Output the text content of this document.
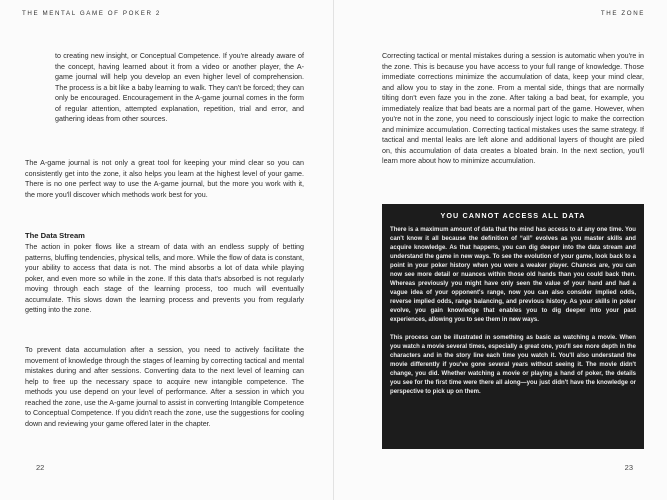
THE MENTAL GAME OF POKER 2

to creating new insight, or Conceptual Competence. If you're already aware of the concept, having learned about it from a video or another player, the A-game journal will help you develop an even higher level of comprehension. The process is a bit like a baby learning to walk. They can't be forced; they can only be encouraged. Encouragement in the A-game journal comes in the form of regular attention, attempted explanation, repetition, trial and error, and gathering ideas from other sources.

The A-game journal is not only a great tool for keeping your mind clear so you can consistently get into the zone, it also helps you learn at the highest level of your game. There is no one perfect way to use the A-game journal, but the more you work with it, the more you'll discover which methods work best for you.

The Data Stream

The action in poker flows like a stream of data with an endless supply of betting patterns, bluffing tendencies, physical tells, and more. While the flow of data is constant, your ability to access that data is not. The mind absorbs a lot of data while playing poker, and even more so while in the zone. If this data that's absorbed is not regularly moving through each stage of the learning process, too much will eventually accumulate. This slows down the learning process and prevents you from regularly getting into the zone.

To prevent data accumulation after a session, you need to actively facilitate the movement of knowledge through the stages of learning by correcting tactical and mental mistakes during and after sessions. Converting data to the next level of learning can help to free up the necessary space to acquire new intangible competence. The methods you use depend on your level of performance. After a session in which you reached the zone, use the A-game journal to assist in converting Intangible Competence to Conceptual Competence. If you didn't reach the zone, use the suggestions for cooling down and reviewing your game offered later in the chapter.

22
THE ZONE

Correcting tactical or mental mistakes during a session is automatic when you're in the zone. This is because you have access to your full range of knowledge. Those immediate corrections minimize the accumulation of data, keep your mind clear, and allow you to stay in the zone. From a mental side, things that are normally tilting don't even faze you in the zone. After taking a bad beat, for example, you immediately realize that bad beats are a normal part of the game. However, when you're not in the zone, you need to consciously inject logic to make the correction and minimize accumulation. Correcting tactical mistakes uses the same strategy. If tactical and mental leaks are left alone and additional layers of thought are piled on, this accumulation of data creates a bloated brain. In the next section, you'll learn more about how to minimize accumulation.

YOU CANNOT ACCESS ALL DATA

There is a maximum amount of data that the mind has access to at any one time. You can't know it all because the definition of “all” evolves as you master skills and acquire knowledge. As that happens, you can dig deeper into the data stream and understand the game in new ways. To see the evolution of your game, look back to a point in your poker history when you were a weaker player. Chances are, you can now see more detail or nuances within those old hands than you could back then. Whereas previously you might have only seen the value of your hand and had a vague idea of your opponent's range, now you can also consider implied odds, reverse implied odds, range balancing, and previous history. As your skills in poker evolve, you gain knowledge that enables you to dig deeper into your past experiences, allowing you to see them in new ways.

This process can be illustrated in something as basic as watching a movie. When you watch a movie several times, especially a great one, you'll see more depth in the characters and in the story line each time you watch it. You'll also understand the movie differently if you've gone several years without seeing it. The movie didn't change, you did. Whether watching a movie or playing a hand of poker, the details you see for the first time were there all along—you just didn't have the knowledge or perspective to pick up on them.

23
